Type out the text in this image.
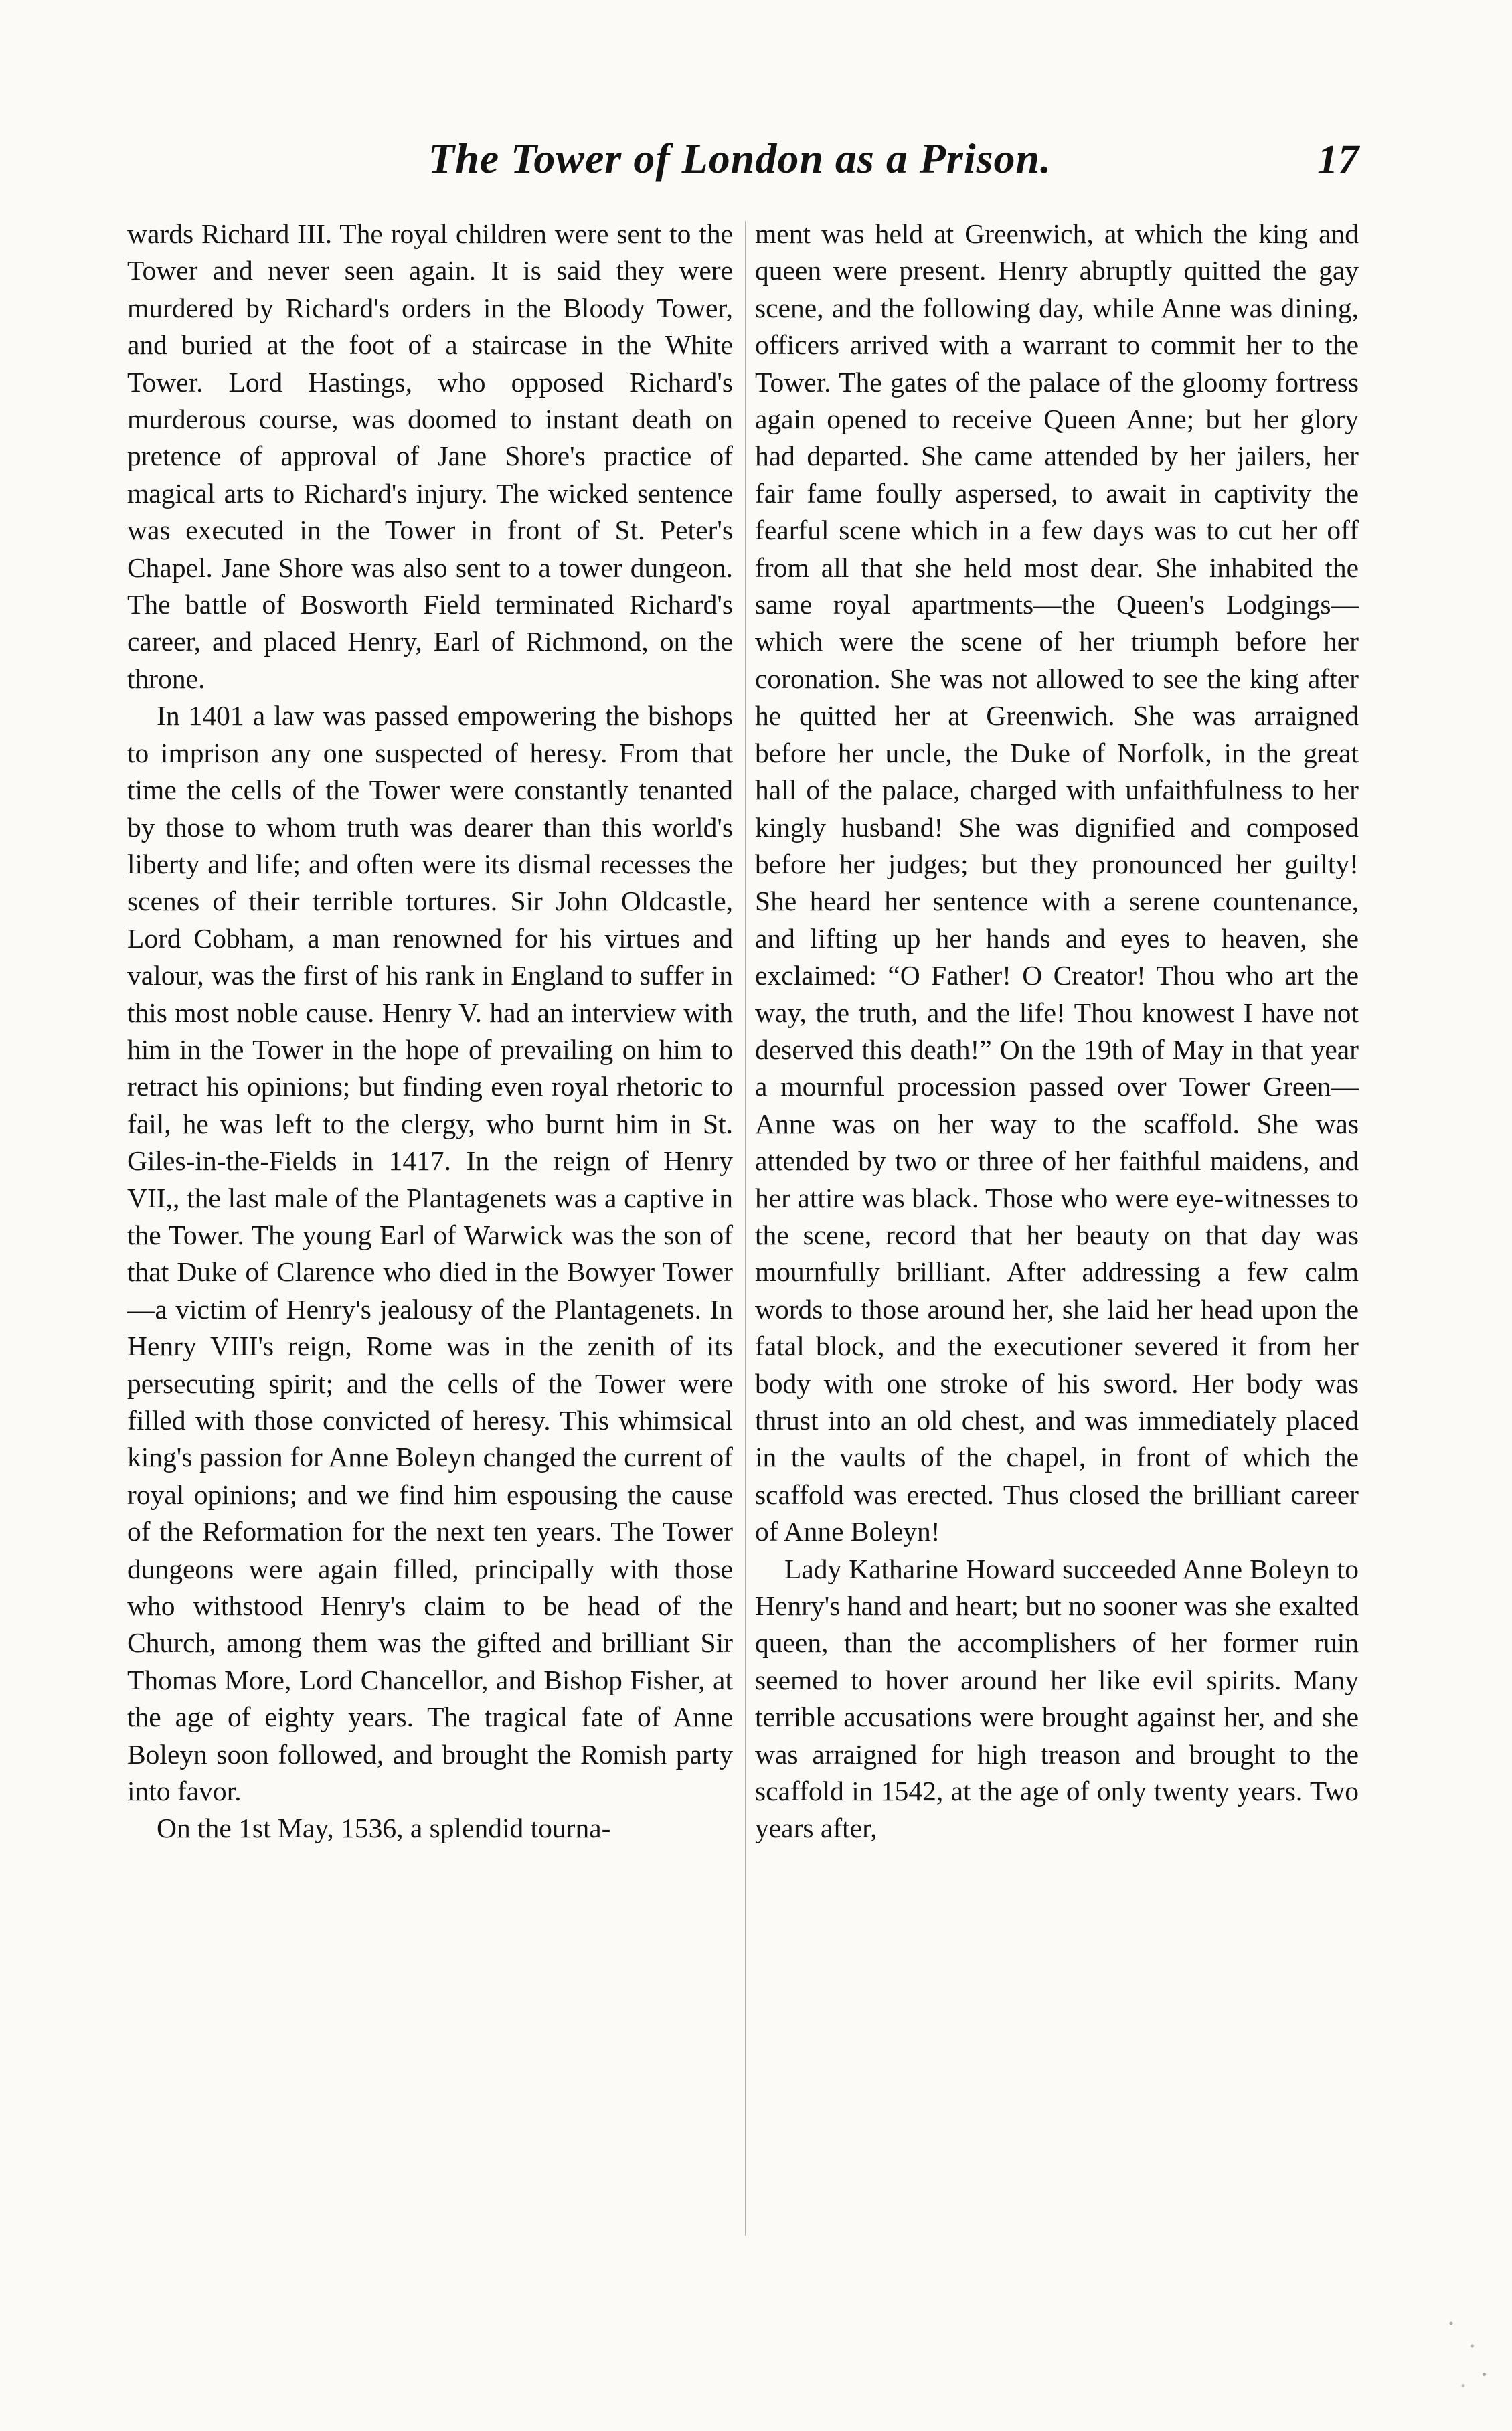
The Tower of London as a Prison.	17

wards Richard III. The royal children were sent to the Tower and never seen again. It is said they were murdered by Richard's orders in the Bloody Tower, and buried at the foot of a staircase in the White Tower. Lord Hastings, who opposed Richard's murderous course, was doomed to instant death on pretence of approval of Jane Shore's practice of magical arts to Richard's injury. The wicked sentence was executed in the Tower in front of St. Peter's Chapel. Jane Shore was also sent to a tower dungeon. The battle of Bosworth Field terminated Richard's career, and placed Henry, Earl of Richmond, on the throne.

In 1401 a law was passed empowering the bishops to imprison any one suspected of heresy. From that time the cells of the Tower were constantly tenanted by those to whom truth was dearer than this world's liberty and life; and often were its dismal recesses the scenes of their terrible tortures. Sir John Oldcastle, Lord Cobham, a man renowned for his virtues and valour, was the first of his rank in England to suffer in this most noble cause. Henry V. had an interview with him in the Tower in the hope of prevailing on him to retract his opinions; but finding even royal rhetoric to fail, he was left to the clergy, who burnt him in St. Giles-in-the-Fields in 1417. In the reign of Henry VII,, the last male of the Plantagenets was a captive in the Tower. The young Earl of Warwick was the son of that Duke of Clarence who died in the Bowyer Tower—a victim of Henry's jealousy of the Plantagenets. In Henry VIII's reign, Rome was in the zenith of its persecuting spirit; and the cells of the Tower were filled with those convicted of heresy. This whimsical king's passion for Anne Boleyn changed the current of royal opinions; and we find him espousing the cause of the Reformation for the next ten years. The Tower dungeons were again filled, principally with those who withstood Henry's claim to be head of the Church, among them was the gifted and brilliant Sir Thomas More, Lord Chancellor, and Bishop Fisher, at the age of eighty years. The tragical fate of Anne Boleyn soon followed, and brought the Romish party into favor.

On the 1st May, 1536, a splendid tourna-

ment was held at Greenwich, at which the king and queen were present. Henry abruptly quitted the gay scene, and the following day, while Anne was dining, officers arrived with a warrant to commit her to the Tower. The gates of the palace of the gloomy fortress again opened to receive Queen Anne; but her glory had departed. She came attended by her jailers, her fair fame foully aspersed, to await in captivity the fearful scene which in a few days was to cut her off from all that she held most dear. She inhabited the same royal apartments—the Queen's Lodgings—which were the scene of her triumph before her coronation. She was not allowed to see the king after he quitted her at Greenwich. She was arraigned before her uncle, the Duke of Norfolk, in the great hall of the palace, charged with unfaithfulness to her kingly husband! She was dignified and composed before her judges; but they pronounced her guilty! She heard her sentence with a serene countenance, and lifting up her hands and eyes to heaven, she exclaimed: “O Father! O Creator! Thou who art the way, the truth, and the life! Thou knowest I have not deserved this death!” On the 19th of May in that year a mournful procession passed over Tower Green—Anne was on her way to the scaffold. She was attended by two or three of her faithful maidens, and her attire was black. Those who were eye-witnesses to the scene, record that her beauty on that day was mournfully brilliant. After addressing a few calm words to those around her, she laid her head upon the fatal block, and the executioner severed it from her body with one stroke of his sword. Her body was thrust into an old chest, and was immediately placed in the vaults of the chapel, in front of which the scaffold was erected. Thus closed the brilliant career of Anne Boleyn!

Lady Katharine Howard succeeded Anne Boleyn to Henry's hand and heart; but no sooner was she exalted queen, than the accomplishers of her former ruin seemed to hover around her like evil spirits. Many terrible accusations were brought against her, and she was arraigned for high treason and brought to the scaffold in 1542, at the age of only twenty years. Two years after,
